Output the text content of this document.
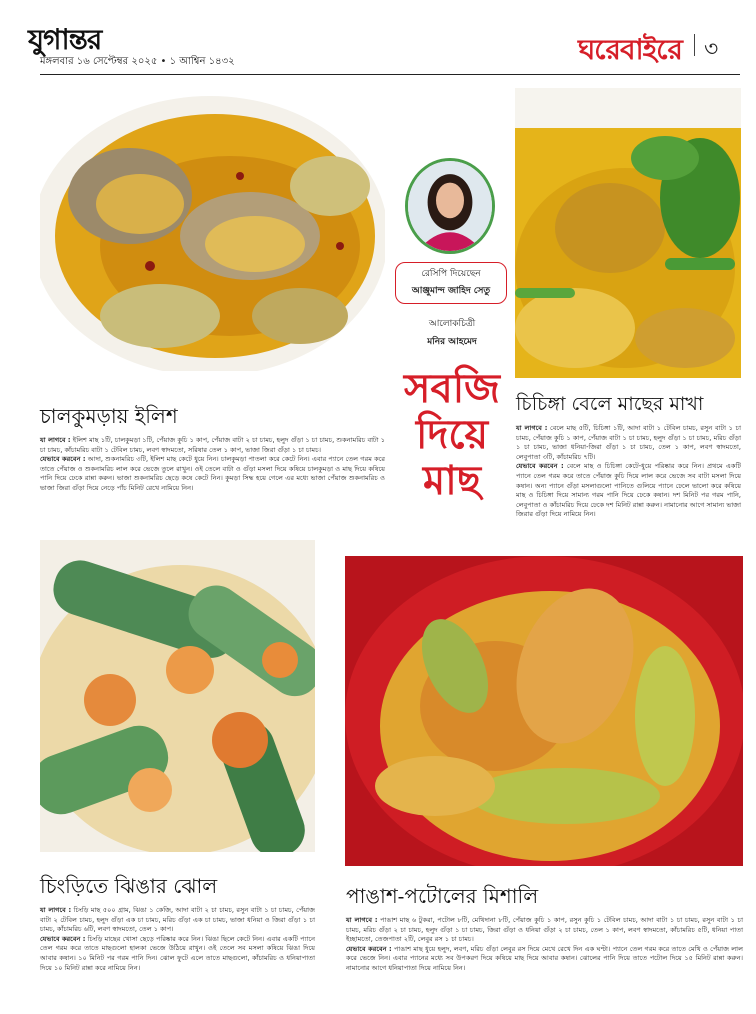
যুগান্তর
মঙ্গলবার ১৬ সেপ্টেম্বর ২০২৫ • ১ আশ্বিন ১৪৩২	ঘরেবাইরে ৩
রেসিপি দিয়েছেন
আঞ্জুমান্দ জাহিদ সেতু
আলোকচিত্রী
মনির আহমেদ
সবজি
দিয়ে
মাছ
চালকুমড়ায় ইলিশ
যা লাগবে : ইলিশ মাছ ১টি, চালকুমড়া ১টি, পেঁয়াজ কুচি ১ কাপ, পেঁয়াজ বাটা ২ চা চামচ, হলুদ গুঁড়া ১ চা চামচ, শুকনামরিচ বাটা ১ চা চামচ, কাঁচামরিচ বাটা ১ টেবিল চামচ, লবণ স্বাদমতো, সরিষার তেল ১ কাপ, ভাজা জিরা গুঁড়া ১ চা চামচ।
যেভাবে করবেন : আদা, শুকনামরিচ ৩টি, ইলিশ মাছ কেটে ধুয়ে নিন। চালকুমড়া পাতলা করে কেটে নিন। এবার প্যানে তেল গরম করে তাতে পেঁয়াজ ও শুকনামরিচ লাল করে ভেজে তুলে রাখুন। ওই তেলে বাটা ও গুঁড়া মসলা দিয়ে কষিয়ে চালকুমড়া ও মাছ দিয়ে কষিয়ে পানি দিয়ে ঢেকে রান্না করুন। ভাজা শুকনামরিচ ছেড়ে কষে কেটে নিন। কুমড়া সিদ্ধ হয়ে গেলে এর মধ্যে ভাজা পেঁয়াজ শুকনামরিচ ও ভাজা জিরা গুঁড়া দিয়ে নেড়ে পাঁচ মিনিট রেখে নামিয়ে নিন।
চিচিঙ্গা বেলে মাছের মাখা
যা লাগবে : বেলে মাছ ৫টি, চিচিঙ্গা ১টি, আদা বাটা ১ টেবিল চামচ, রসুন বাটা ১ চা চামচ, পেঁয়াজ কুচি ১ কাপ, পেঁয়াজ বাটা ১ চা চামচ, হলুদ গুঁড়া ১ চা চামচ, মরিচ গুঁড়া ১ চা চামচ, ভাজা ধনিয়া-জিরা গুঁড়া ১ চা চামচ, তেল ১ কাপ, লবণ স্বাদমতো, লেবুপাতা ৩টি, কাঁচামরিচ ৭টি।
যেভাবে করবেন : বেলে মাছ ও চিচিঙ্গা কেটে-ধুয়ে পরিষ্কার করে নিন। প্রথমে একটি প্যানে তেল গরম করে তাতে পেঁয়াজ কুচি দিয়ে লাল করে ভেজে সব বাটা মসলা দিয়ে কষান। অন্য প্যানে গুঁড়া মসলাগুলো পানিতে গুলিয়ে প্যানে ঢেলে ভালো করে কষিয়ে মাছ ও চিচিঙ্গা দিয়ে সামান্য গরম পানি দিয়ে ঢেকে কষান। দশ মিনিট পর গরম পানি, লেবুপাতা ও কাঁচামরিচ দিয়ে ঢেকে দশ মিনিট রান্না করুন। নামানোর আগে সামান্য ভাজা জিরার গুঁড়া দিয়ে নামিয়ে নিন।
চিংড়িতে ঝিঙার ঝোল
যা লাগবে : চিংড়ি মাছ ৫০০ গ্রাম, ঝিঙা ১ কেজি, আদা বাটা ২ চা চামচ, রসুন বাটা ১ চা চামচ, পেঁয়াজ বাটা ২ টেবিল চামচ, হলুদ গুঁড়া এক চা চামচ, মরিচ গুঁড়া এক চা চামচ, ভাজা ধনিয়া ও জিরা গুঁড়া ১ চা চামচ, কাঁচামরিচ ৬টি, লবণ স্বাদমতো, তেল ১ কাপ।
যেভাবে করবেন : চিংড়ি মাছের খোসা ছেড়ে পরিষ্কার করে নিন। ঝিঙা ছিলে কেটে নিন। এবার একটি প্যানে তেল গরম করে তাতে মাছগুলো হালকা ভেজে উঠিয়ে রাখুন। ওই তেলে সব মসলা কষিয়ে ঝিঙা দিয়ে আবার কষান। ১০ মিনিট পর গরম পানি দিন। ঝোল ফুটে এলে তাতে মাছগুলো, কাঁচামরিচ ও ধনিয়াপাতা দিয়ে ১০ মিনিট রান্না করে নামিয়ে নিন।
পাঙাশ-পটোলের মিশালি
যা লাগবে : পাঙাশ মাছ ৬ টুকরা, পটোল ৮টি, মেথিদানা ৮টি, পেঁয়াজ কুচি ১ কাপ, রসুন কুচি ১ টেবিল চামচ, আদা বাটা ১ চা চামচ, রসুন বাটা ১ চা চামচ, মরিচ গুঁড়া ২ চা চামচ, হলুদ গুঁড়া ১ চা চামচ, জিরা গুঁড়া ও ধনিয়া গুঁড়া ২ চা চামচ, তেল ১ কাপ, লবণ স্বাদমতো, কাঁচামরিচ ৫টি, ধনিয়া পাতা ইচ্ছামতো, তেজপাতা ২টি, লেবুর রস ১ চা চামচ।
যেভাবে করবেন : পাঙাশ মাছ ধুয়ে হলুদ, লবণ, মরিচ গুঁড়া লেবুর রস দিয়ে মেখে রেখে দিন এক ঘণ্টা। প্যানে তেল গরম করে তাতে মেথি ও পেঁয়াজ লাল করে ভেজে নিন। এবার প্যানের মধ্যে সব উপকরণ দিয়ে কষিয়ে মাছ দিয়ে আবার কষান। ঝোলের পানি দিয়ে তাতে পটোল দিয়ে ১৫ মিনিট রান্না করুন। নামানোর আগে ধনিয়াপাতা দিয়ে নামিয়ে নিন।
